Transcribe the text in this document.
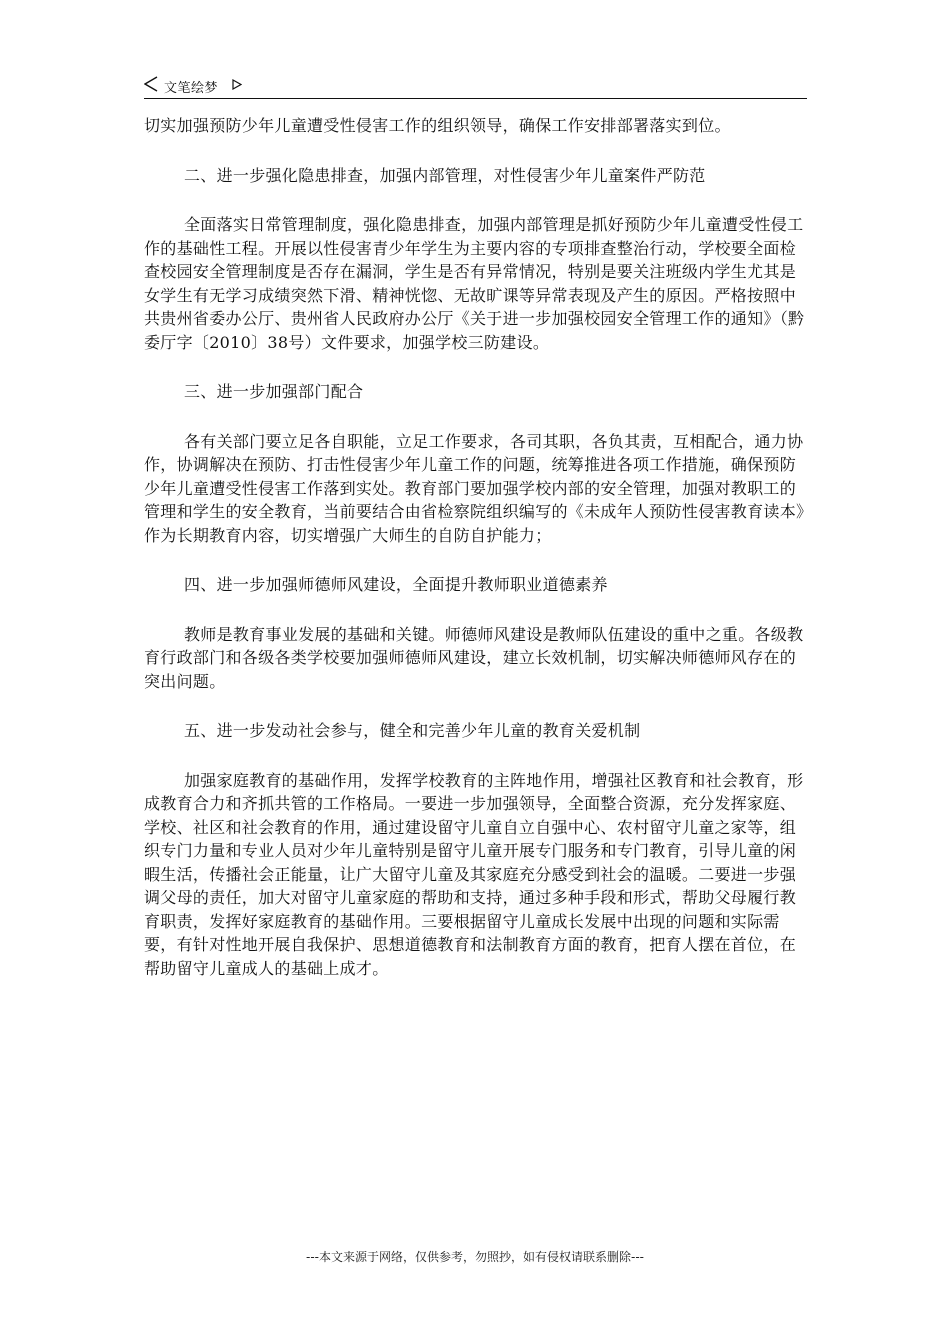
文笔绘梦

切实加强预防少年儿童遭受性侵害工作的组织领导，确保工作安排部署落实到位。

二、进一步强化隐患排查，加强内部管理，对性侵害少年儿童案件严防范

全面落实日常管理制度，强化隐患排查，加强内部管理是抓好预防少年儿童遭受性侵工作的基础性工程。开展以性侵害青少年学生为主要内容的专项排查整治行动，学校要全面检查校园安全管理制度是否存在漏洞，学生是否有异常情况，特别是要关注班级内学生尤其是女学生有无学习成绩突然下滑、精神恍惚、无故旷课等异常表现及产生的原因。严格按照中共贵州省委办公厅、贵州省人民政府办公厅《关于进一步加强校园安全管理工作的通知》（黔委厅字〔2010〕38号）文件要求，加强学校三防建设。

三、进一步加强部门配合

各有关部门要立足各自职能，立足工作要求，各司其职，各负其责，互相配合，通力协作，协调解决在预防、打击性侵害少年儿童工作的问题，统筹推进各项工作措施，确保预防少年儿童遭受性侵害工作落到实处。教育部门要加强学校内部的安全管理，加强对教职工的管理和学生的安全教育，当前要结合由省检察院组织编写的《未成年人预防性侵害教育读本》作为长期教育内容，切实增强广大师生的自防自护能力；

四、进一步加强师德师风建设，全面提升教师职业道德素养

教师是教育事业发展的基础和关键。师德师风建设是教师队伍建设的重中之重。各级教育行政部门和各级各类学校要加强师德师风建设，建立长效机制，切实解决师德师风存在的突出问题。

五、进一步发动社会参与，健全和完善少年儿童的教育关爱机制

加强家庭教育的基础作用，发挥学校教育的主阵地作用，增强社区教育和社会教育，形成教育合力和齐抓共管的工作格局。一要进一步加强领导，全面整合资源，充分发挥家庭、学校、社区和社会教育的作用，通过建设留守儿童自立自强中心、农村留守儿童之家等，组织专门力量和专业人员对少年儿童特别是留守儿童开展专门服务和专门教育，引导儿童的闲暇生活，传播社会正能量，让广大留守儿童及其家庭充分感受到社会的温暖。二要进一步强调父母的责任，加大对留守儿童家庭的帮助和支持，通过多种手段和形式，帮助父母履行教育职责，发挥好家庭教育的基础作用。三要根据留守儿童成长发展中出现的问题和实际需要，有针对性地开展自我保护、思想道德教育和法制教育方面的教育，把育人摆在首位，在帮助留守儿童成人的基础上成才。

---本文来源于网络，仅供参考，勿照抄，如有侵权请联系删除---
